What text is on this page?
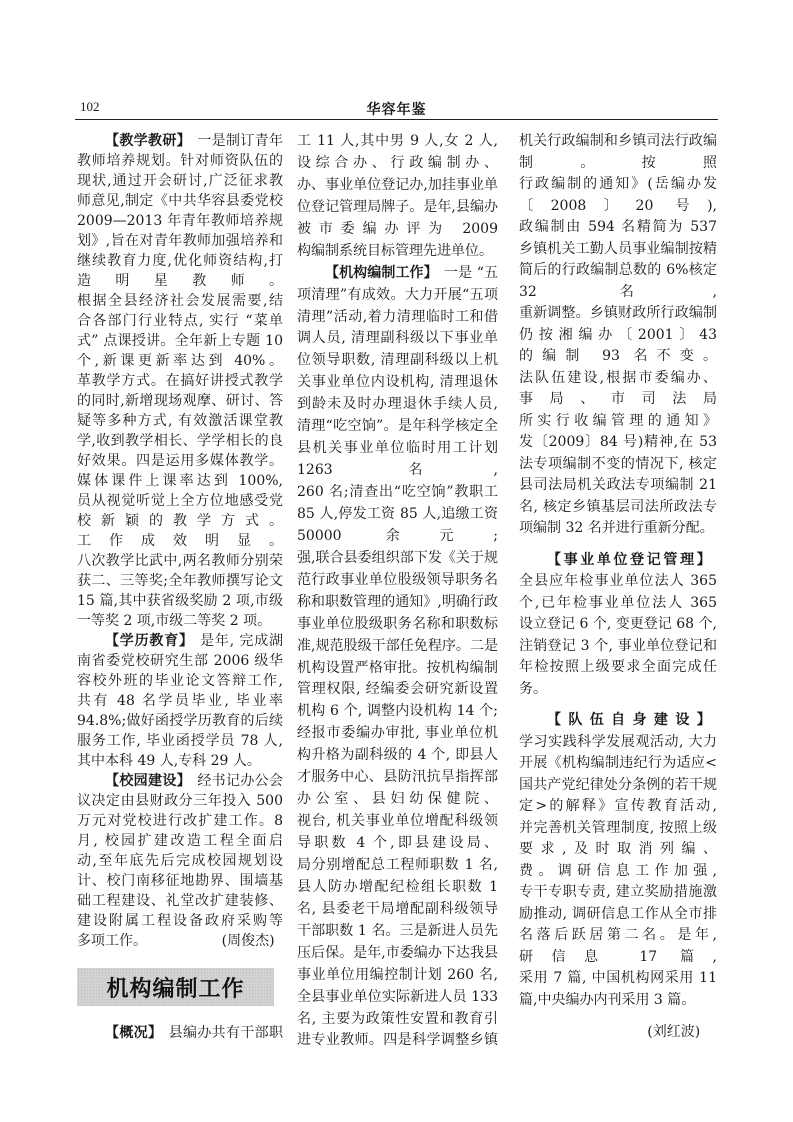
102	华容年鉴
【教学教研】 一是制订青年
教师培养规划。针对师资队伍的
现状,通过开会研讨,广泛征求教
师意见,制定《中共华容县委党校
2009—2013 年青年教师培养规
划》,旨在对青年教师加强培养和
继续教育力度,优化师资结构,打
造明星教师。
根据全县经济社会发展需要,结
合各部门行业特点, 实行 “菜单
式” 点课授讲。全年新上专题 10
个,新课更新率达到 40%。
革教学方式。在搞好讲授式教学
的同时,新增现场观摩、研讨、答
疑等多种方式, 有效激活课堂教
学,收到教学相长、学学相长的良
好效果。四是运用多媒体教学。
媒体课件上课率达到 100%,
员从视觉听觉上全方位地感受党
校新颖的教学方式。
工作成效明显。
八次教学比武中,两名教师分别荣
获二、三等奖;全年教师撰写论文
15 篇,其中获省级奖励 2 项,市级
一等奖 2 项,市级二等奖 2 项。
【学历教育】 是年, 完成湖
南省委党校研究生部 2006 级华
容校外班的毕业论文答辩工作,
共有 48 名学员毕业, 毕业率
94.8%;做好函授学历教育的后续
服务工作, 毕业函授学员 78 人,
其中本科 49 人,专科 29 人。
【校园建设】 经书记办公会
议决定由县财政分三年投入 500
万元对党校进行改扩建工作。8
月, 校园扩建改造工程全面启
动,至年底先后完成校园规划设
计、校门南移征地勘界、围墙基
础工程建设、礼堂改扩建装修、
建设附属工程设备政府采购等
多项工作。	(周俊杰)
机构编制工作
【概况】 县编办共有干部职
工 11 人,其中男 9 人,女 2 人,
设综合办、行政编制办、
办、事业单位登记办,加挂事业单
位登记管理局牌子。是年,县编办
被市委编办评为 2009
构编制系统目标管理先进单位。
【机构编制工作】 一是 “五
项清理”有成效。大力开展“五项
清理”活动,着力清理临时工和借
调人员, 清理副科级以下事业单
位领导职数, 清理副科级以上机
关事业单位内设机构, 清理退休
到龄未及时办理退休手续人员,
清理“吃空饷”。是年科学核定全
县机关事业单位临时用工计划
1263 名,
260 名;清查出“吃空饷”教职工
85 人,停发工资 85 人,追缴工资
50000 余元;
强,联合县委组织部下发《关于规
范行政事业单位股级领导职务名
称和职数管理的通知》,明确行政
事业单位股级职务名称和职数标
准,规范股级干部任免程序。二是
机构设置严格审批。按机构编制
管理权限, 经编委会研究新设置
机构 6 个, 调整内设机构 14 个;
经报市委编办审批, 事业单位机
构升格为副科级的 4 个, 即县人
才服务中心、县防汛抗旱指挥部
办公室、县妇幼保健院、
视台, 机关事业单位增配科级领
导职数 4 个,即县建设局、
局分别增配总工程师职数 1 名,
县人防办增配纪检组长职数 1
名, 县委老干局增配副科级领导
干部职数 1 名。三是新进人员先
压后保。是年,市委编办下达我县
事业单位用编控制计划 260 名,
全县事业单位实际新进人员 133
名, 主要为政策性安置和教育引
进专业教师。四是科学调整乡镇
机关行政编制和乡镇司法行政编
制。按照
行政编制的通知》(岳编办发
〔2008〕20 号),
政编制由 594 名精简为 537
乡镇机关工勤人员事业编制按精
简后的行政编制总数的 6%核定
32 名,
重新调整。乡镇财政所行政编制
仍按湘编办〔2001〕43
的编制 93 名不变。
法队伍建设,根据市委编办、
事局、市司法局
所实行收编管理的通知》
发〔2009〕84 号)精神,在 53
法专项编制不变的情况下, 核定
县司法局机关政法专项编制 21
名, 核定乡镇基层司法所政法专
项编制 32 名并进行重新分配。
【事业单位登记管理】
全县应年检事业单位法人 365
个,已年检事业单位法人 365
设立登记 6 个, 变更登记 68 个,
注销登记 3 个, 事业单位登记和
年检按照上级要求全面完成任
务。
【队伍自身建设】
学习实践科学发展观活动, 大力
开展《机构编制违纪行为适应<
国共产党纪律处分条例的若干规
定>的解释》宣传教育活动,
并完善机关管理制度, 按照上级
要求,及时取消列编、
费。调研信息工作加强,
专干专职专责, 建立奖励措施激
励推动, 调研信息工作从全市排
名落后跃居第二名。是年,
研信息 17 篇,
采用 7 篇, 中国机构网采用 11
篇,中央编办内刊采用 3 篇。
(刘红波)
